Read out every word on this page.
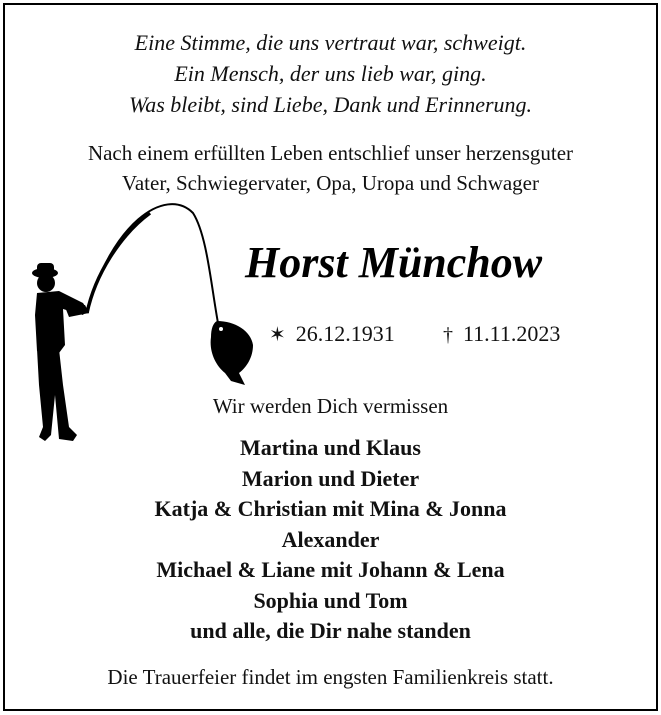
Eine Stimme, die uns vertraut war, schweigt.
Ein Mensch, der uns lieb war, ging.
Was bleibt, sind Liebe, Dank und Erinnerung.
Nach einem erfüllten Leben entschlief unser herzensguter
Vater, Schwiegervater, Opa, Uropa und Schwager
Horst Münchow
✶ 26.12.1931 † 11.11.2023
Wir werden Dich vermissen
Martina und Klaus
Marion und Dieter
Katja & Christian mit Mina & Jonna
Alexander
Michael & Liane mit Johann & Lena
Sophia und Tom
und alle, die Dir nahe standen
Die Trauerfeier findet im engsten Familienkreis statt.
